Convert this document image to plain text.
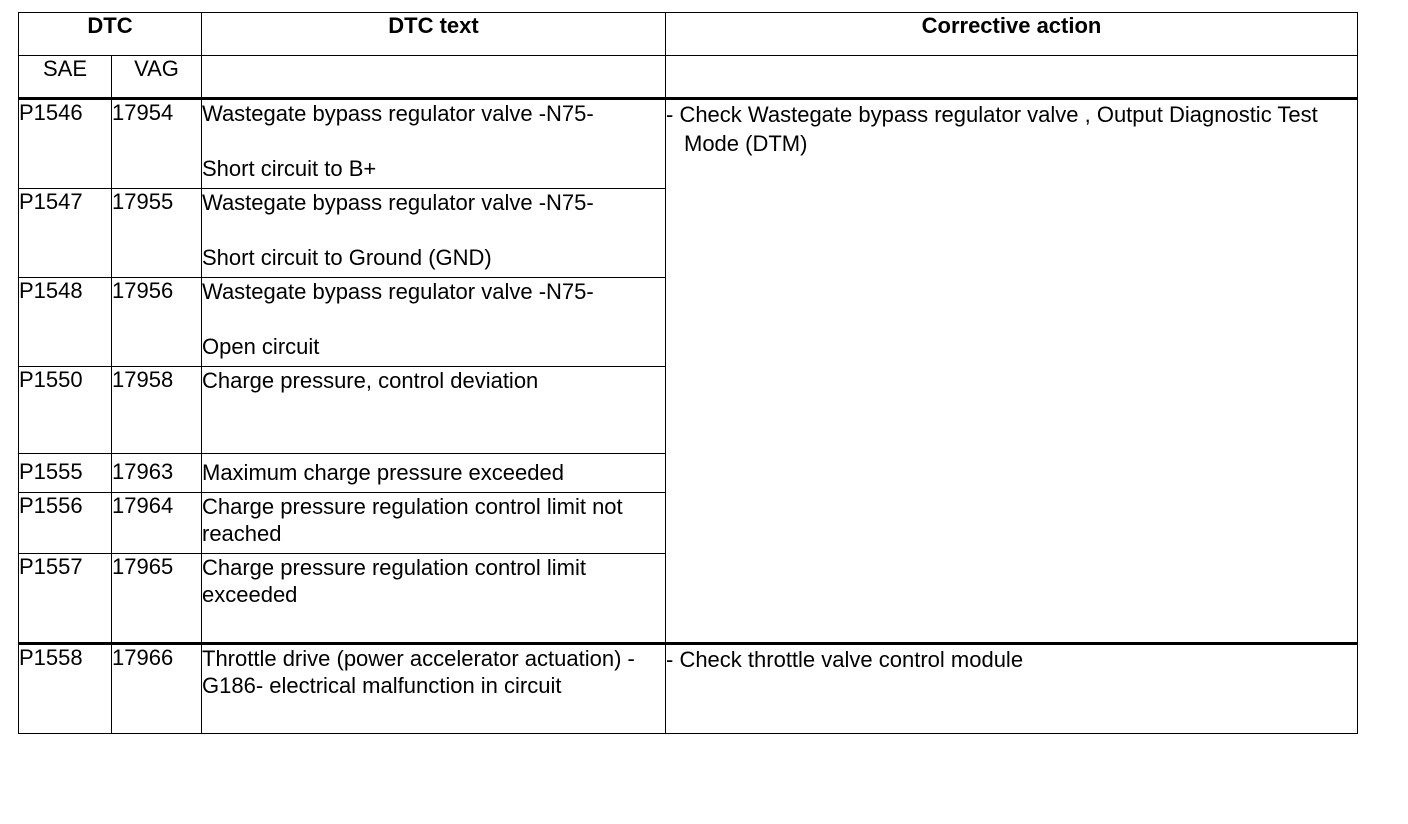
DTC		DTC text	Corrective action
SAE	VAG		
P1546	17954	Wastegate bypass regulator valve -N75-
Short circuit to B+	- Check Wastegate bypass regulator valve , Output Diagnostic Test Mode (DTM)

P1547	17955	Wastegate bypass regulator valve -N75-
Short circuit to Ground (GND)	

P1548	17956	Wastegate bypass regulator valve -N75-
Open circuit	

P1550	17958	Charge pressure, control deviation	
P1555	17963	Maximum charge pressure exceeded	
P1556	17964	Charge pressure regulation control limit not reached	
P1557	17965	Charge pressure regulation control limit exceeded	
P1558	17966	Throttle drive (power accelerator actuation) -G186- electrical malfunction in circuit	- Check throttle valve control module
